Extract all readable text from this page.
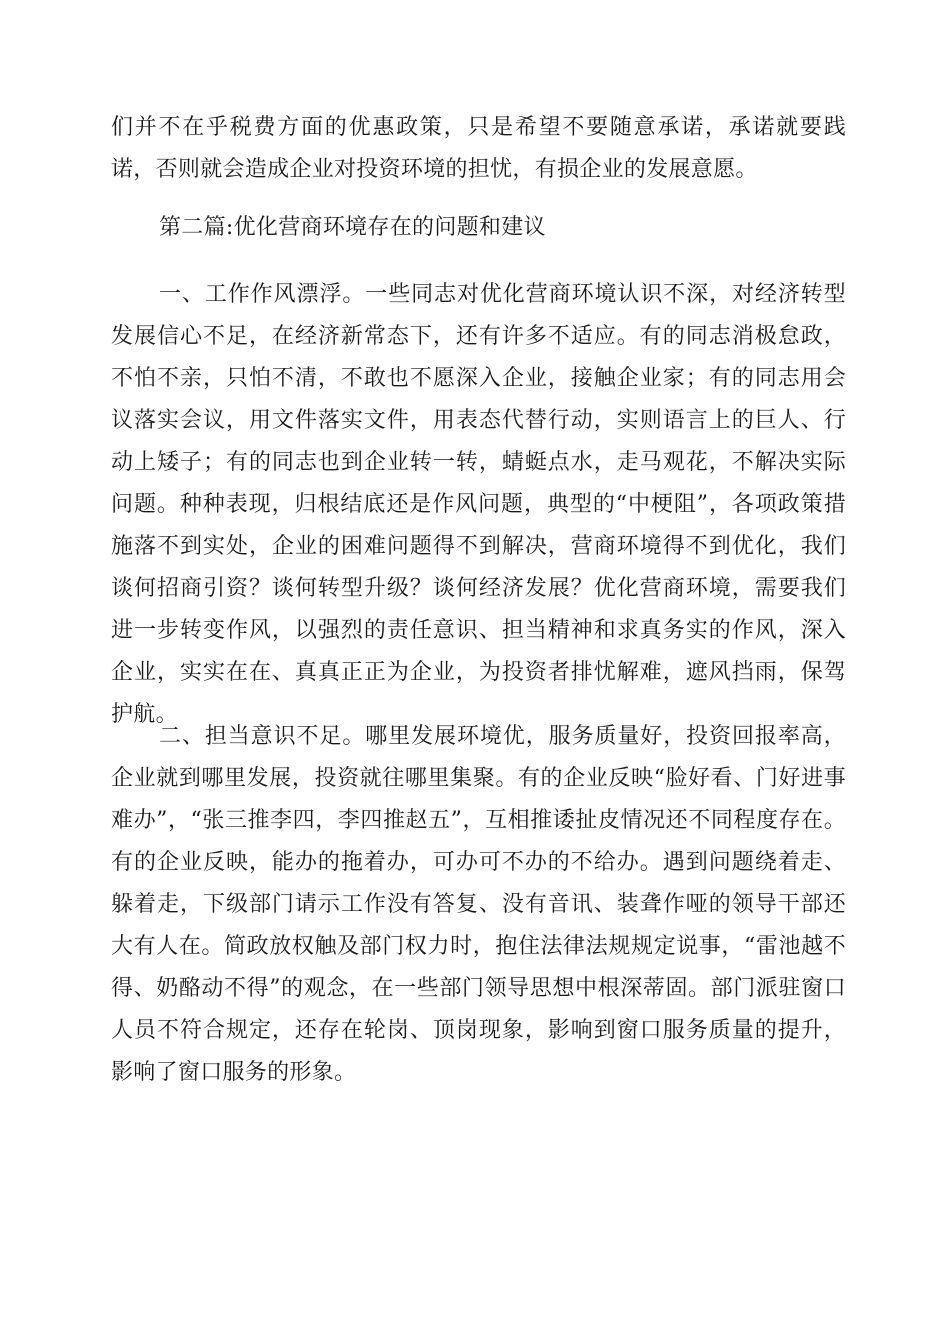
们并不在乎税费方面的优惠政策，只是希望不要随意承诺，承诺就要践诺，否则就会造成企业对投资环境的担忧，有损企业的发展意愿。

第二篇:优化营商环境存在的问题和建议

一、工作作风漂浮。一些同志对优化营商环境认识不深，对经济转型发展信心不足，在经济新常态下，还有许多不适应。有的同志消极怠政，不怕不亲，只怕不清，不敢也不愿深入企业，接触企业家；有的同志用会议落实会议，用文件落实文件，用表态代替行动，实则语言上的巨人、行动上矮子；有的同志也到企业转一转，蜻蜓点水，走马观花，不解决实际问题。种种表现，归根结底还是作风问题，典型的“中梗阻”，各项政策措施落不到实处，企业的困难问题得不到解决，营商环境得不到优化，我们谈何招商引资？谈何转型升级？谈何经济发展？优化营商环境，需要我们进一步转变作风，以强烈的责任意识、担当精神和求真务实的作风，深入企业，实实在在、真真正正为企业，为投资者排忧解难，遮风挡雨，保驾护航。

二、担当意识不足。哪里发展环境优，服务质量好，投资回报率高，企业就到哪里发展，投资就往哪里集聚。有的企业反映“脸好看、门好进事难办”，“张三推李四，李四推赵五”，互相推诿扯皮情况还不同程度存在。有的企业反映，能办的拖着办，可办可不办的不给办。遇到问题绕着走、躲着走，下级部门请示工作没有答复、没有音讯、装聋作哑的领导干部还大有人在。简政放权触及部门权力时，抱住法律法规规定说事，“雷池越不得、奶酪动不得”的观念，在一些部门领导思想中根深蒂固。部门派驻窗口人员不符合规定，还存在轮岗、顶岗现象，影响到窗口服务质量的提升，影响了窗口服务的形象。
